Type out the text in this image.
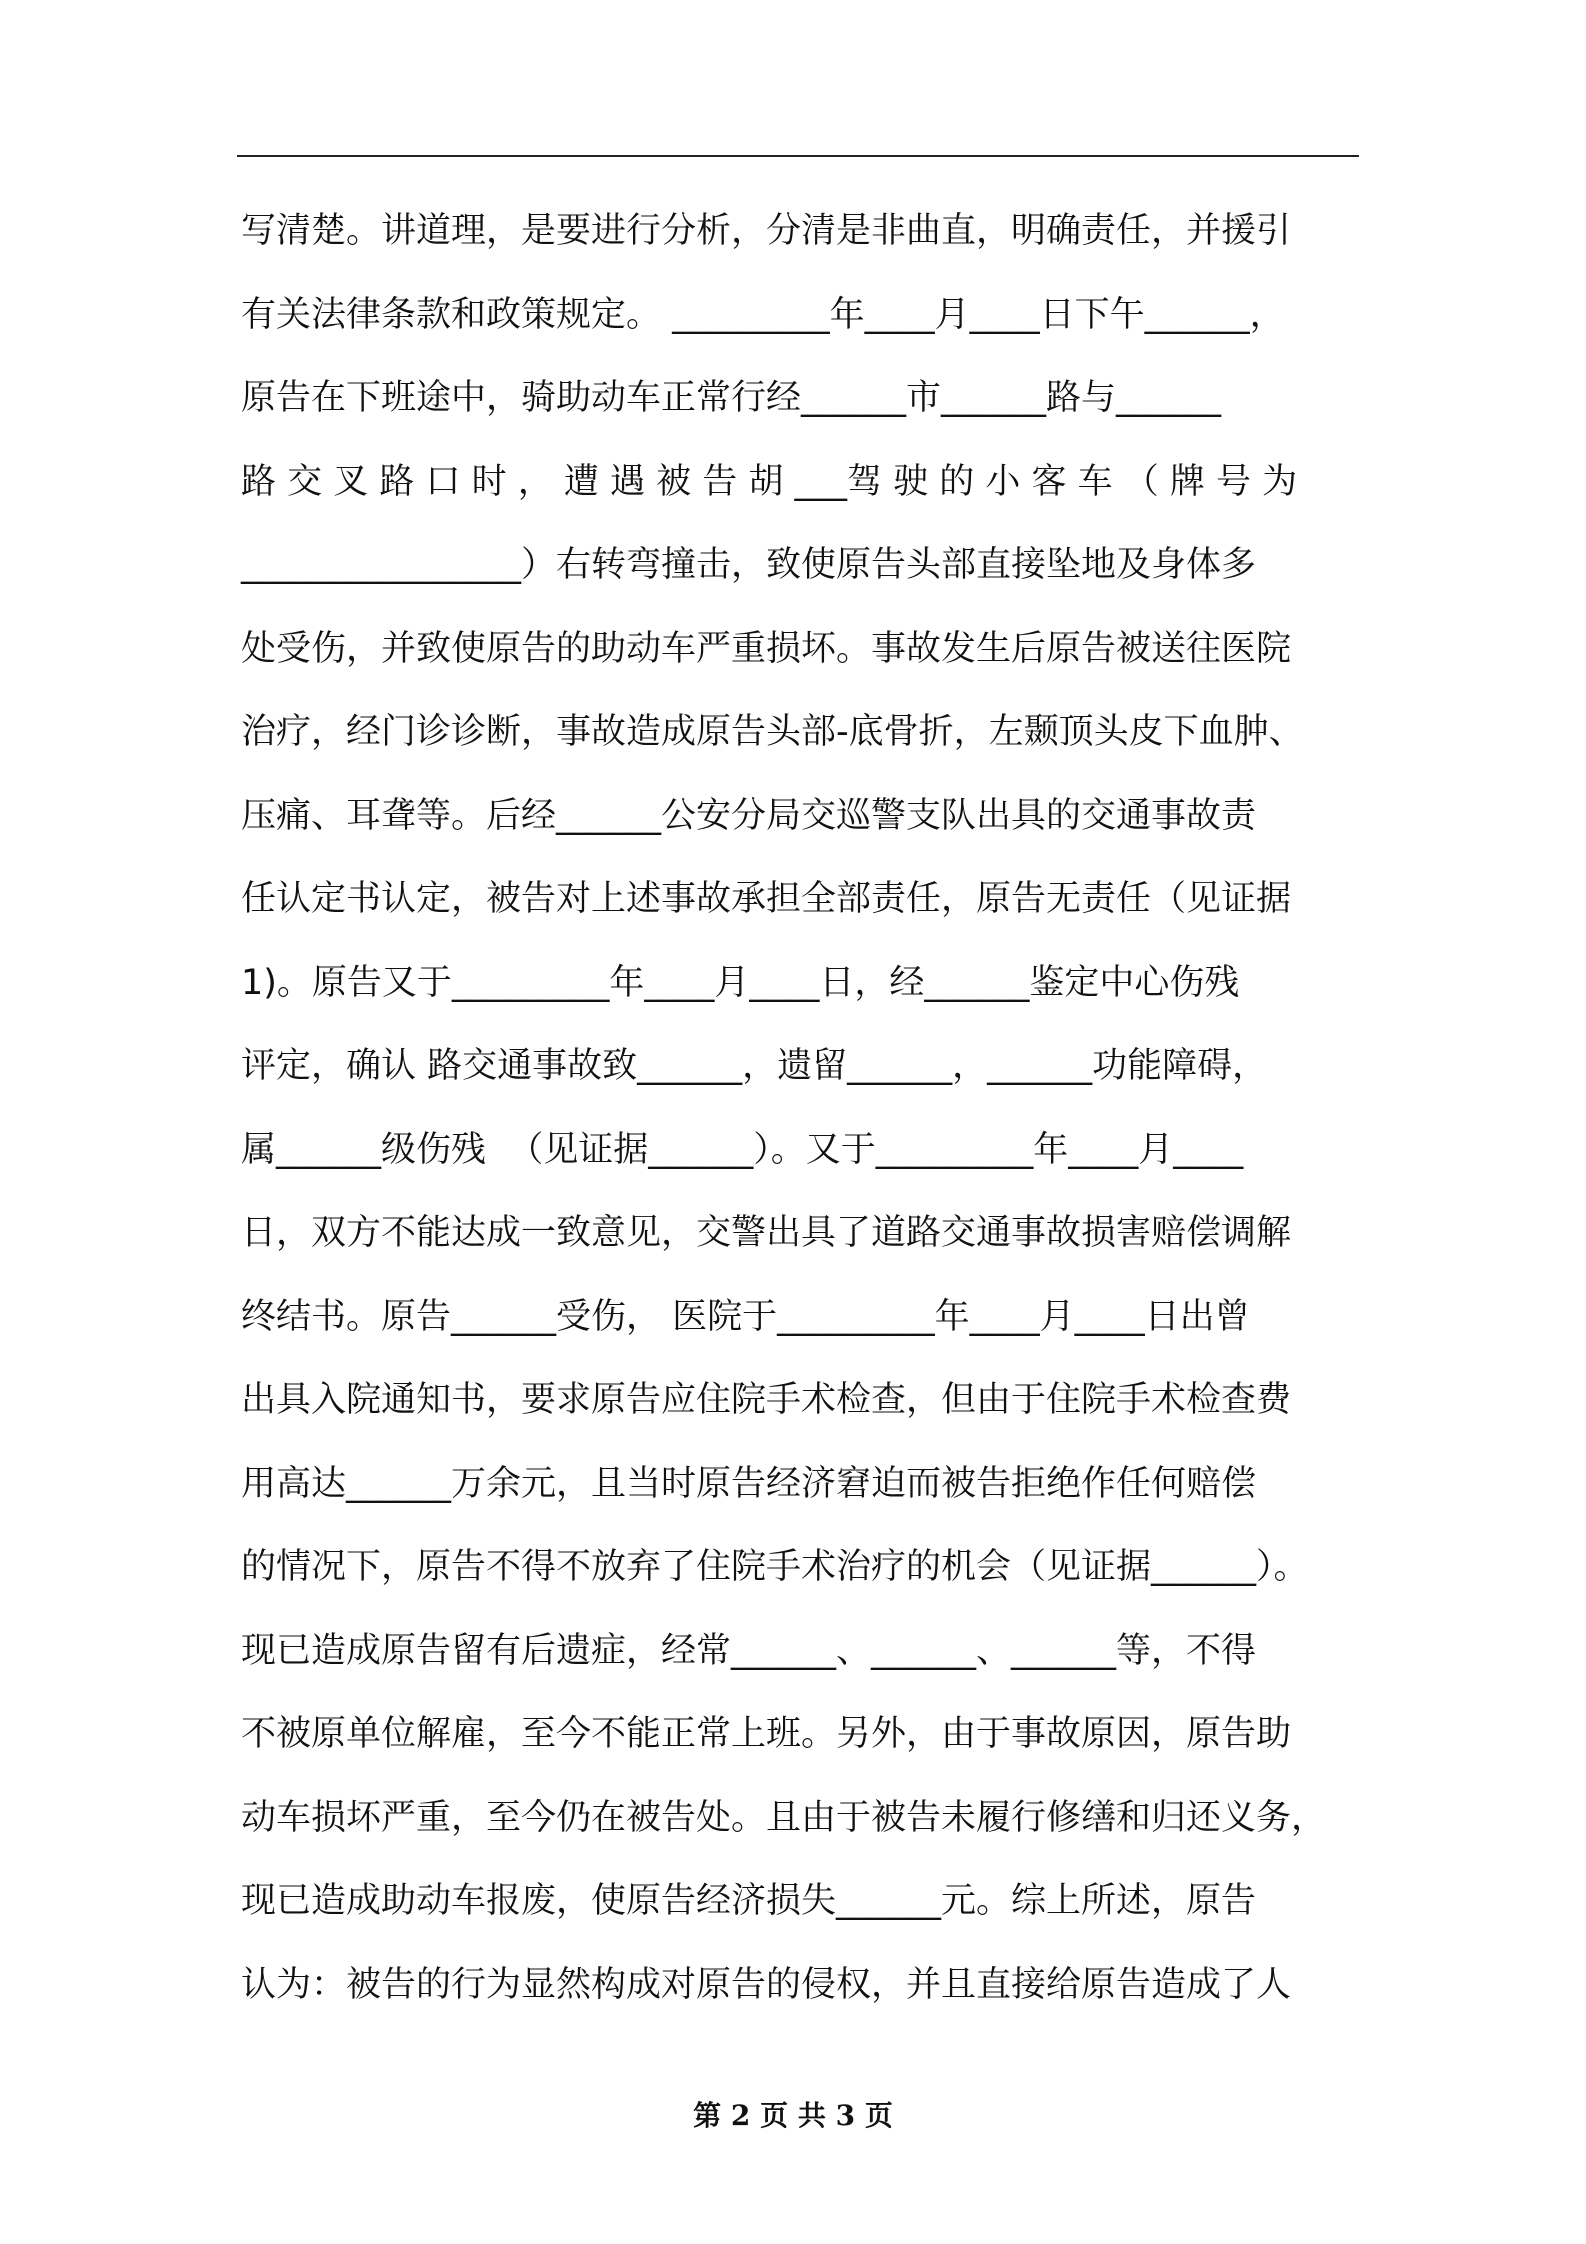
写清楚。讲道理，是要进行分析，分清是非曲直，明确责任，并援引
有关法律条款和政策规定。 _________年____月____日下午______，
原告在下班途中，骑助动车正常行经______市______路与______
路 交 叉 路 口 时 ， 遭 遇 被 告 胡 ___驾 驶 的 小 客 车 （ 牌 号 为
________________）右转弯撞击，致使原告头部直接坠地及身体多
处受伤，并致使原告的助动车严重损坏。事故发生后原告被送往医院
治疗，经门诊诊断，事故造成原告头部-底骨折，左颞顶头皮下血肿、
压痛、耳聋等。后经______公安分局交巡警支队出具的交通事故责
任认定书认定，被告对上述事故承担全部责任，原告无责任（见证据
1)。原告又于_________年____月____日，经______鉴定中心伤残
评定，确认 路交通事故致______，遗留______，______功能障碍，
属______级伤残  （见证据______）。又于_________年____月____
日，双方不能达成一致意见，交警出具了道路交通事故损害赔偿调解
终结书。原告______受伤， 医院于_________年____月____日出曾
出具入院通知书，要求原告应住院手术检查，但由于住院手术检查费
用高达______万余元，且当时原告经济窘迫而被告拒绝作任何赔偿
的情况下，原告不得不放弃了住院手术治疗的机会（见证据______）。
现已造成原告留有后遗症，经常______、______、______等，不得
不被原单位解雇，至今不能正常上班。另外，由于事故原因，原告助
动车损坏严重，至今仍在被告处。且由于被告未履行修缮和归还义务，
现已造成助动车报废，使原告经济损失______元。综上所述，原告
认为：被告的行为显然构成对原告的侵权，并且直接给原告造成了人
第 2 页 共 3 页
